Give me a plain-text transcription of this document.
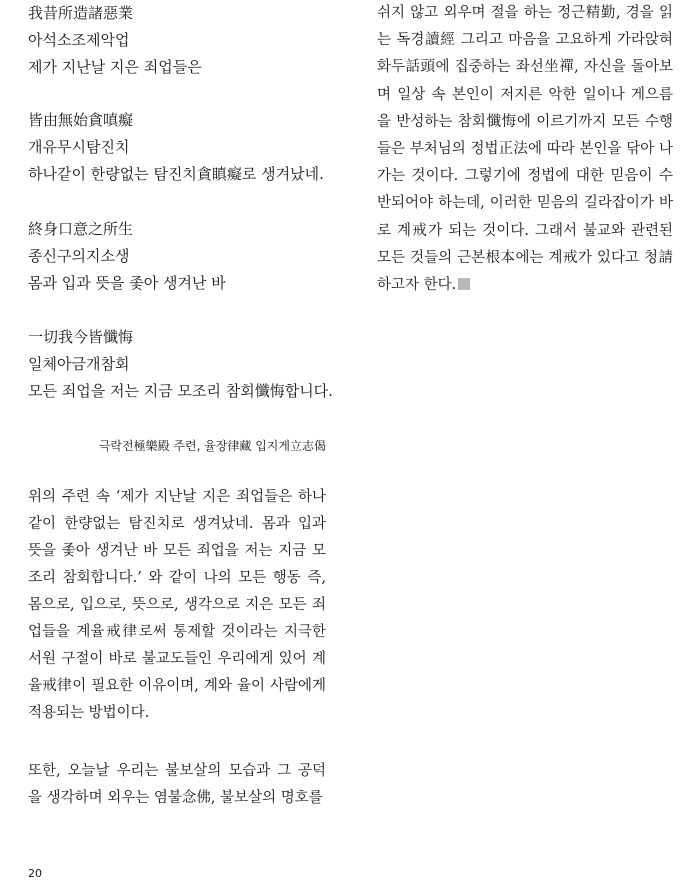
我昔所造諸惡業
아석소조제악업
제가 지난날 지은 죄업들은
皆由無始貪嗔癡
개유무시탐진치
하나같이 한량없는 탐진치貪瞋癡로 생겨났네.
終身口意之所生
종신구의지소생
몸과 입과 뜻을 좇아 생겨난 바
一切我今皆懺悔
일체아금개참회
모든 죄업을 저는 지금 모조리 참회懺悔합니다.
극락전極樂殿 주련, 율장律藏 입지게立志偈

위의 주련 속 ‘제가 지난날 지은 죄업들은 하나 같이 한량없는 탐진치로 생겨났네. 몸과 입과 뜻을 좇아 생겨난 바 모든 죄업을 저는 지금 모조리 참회합니다.’ 와 같이 나의 모든 행동 즉, 몸으로, 입으로, 뜻으로, 생각으로 지은 모든 죄업들을 계율戒律로써 통제할 것이라는 지극한 서원 구절이 바로 불교도들인 우리에게 있어 계율戒律이 필요한 이유이며, 계와 율이 사람에게 적용되는 방법이다.

또한, 오늘날 우리는 불보살의 모습과 그 공덕을 생각하며 외우는 염불念佛, 불보살의 명호를

쉬지 않고 외우며 절을 하는 정근精勤, 경을 읽는 독경讀經 그리고 마음을 고요하게 가라앉혀 화두話頭에 집중하는 좌선坐禪, 자신을 돌아보며 일상 속 본인이 저지른 악한 일이나 게으름을 반성하는 참회懺悔에 이르기까지 모든 수행들은 부처님의 정법正法에 따라 본인을 닦아 나가는 것이다. 그렇기에 정법에 대한 믿음이 수반되어야 하는데, 이러한 믿음의 길라잡이가 바로 계戒가 되는 것이다. 그래서 불교와 관련된 모든 것들의 근본根本에는 계戒가 있다고 청請하고자 한다.

20
